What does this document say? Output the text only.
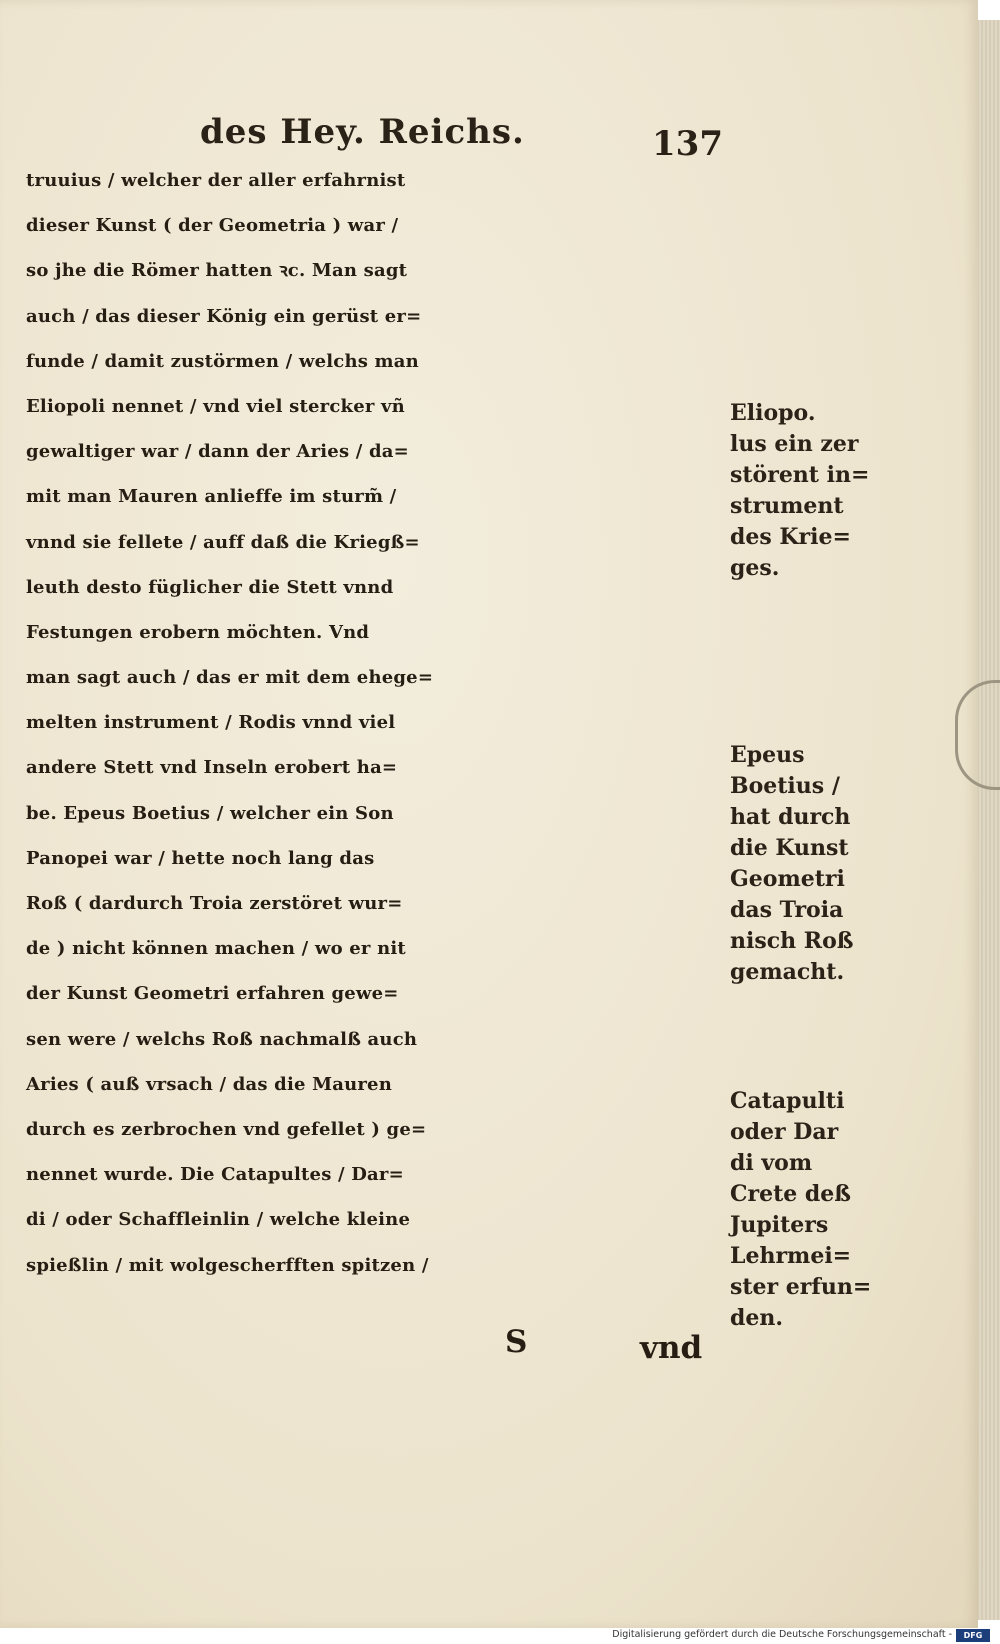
des Hey. Reichs.	137
truuius / welcher der aller erfahrnist
dieser Kunst ( der Geometria ) war /
so jhe die Römer hatten ꝛc. Man sagt
auch / das dieser König ein gerüst er=
funde / damit zustörmen / welchs man
Eliopoli nennet / vnd viel stercker vñ
gewaltiger war / dann der Aries / da=
mit man Mauren anlieffe im sturm̃ /
vnnd sie fellete / auff daß die Kriegß=
leuth desto füglicher die Stett vnnd
Festungen erobern möchten. Vnd
man sagt auch / das er mit dem ehege=
melten instrument / Rodis vnnd viel
andere Stett vnd Inseln erobert ha=
be. Epeus Boetius / welcher ein Son
Panopei war / hette noch lang das
Roß ( dardurch Troia zerstöret wur=
de ) nicht können machen / wo er nit
der Kunst Geometri erfahren gewe=
sen were / welchs Roß nachmalß auch
Aries ( auß vrsach / das die Mauren
durch es zerbrochen vnd gefellet ) ge=
nennet wurde. Die Catapultes / Dar=
di / oder Schaffleinlin / welche kleine
spießlin / mit wolgescherfften spitzen /
Eliopo.
lus ein zer
störent in=
strument
des Krie=
ges.
Epeus
Boetius /
hat durch
die Kunst
Geometri
das Troia
nisch Roß
gemacht.
Catapulti
oder Dar
di vom
Crete deß
Jupiters
Lehrmei=
ster erfun=
den.
S	vnd
Digitalisierung gefördert durch die Deutsche Forschungsgemeinschaft -	DFG
